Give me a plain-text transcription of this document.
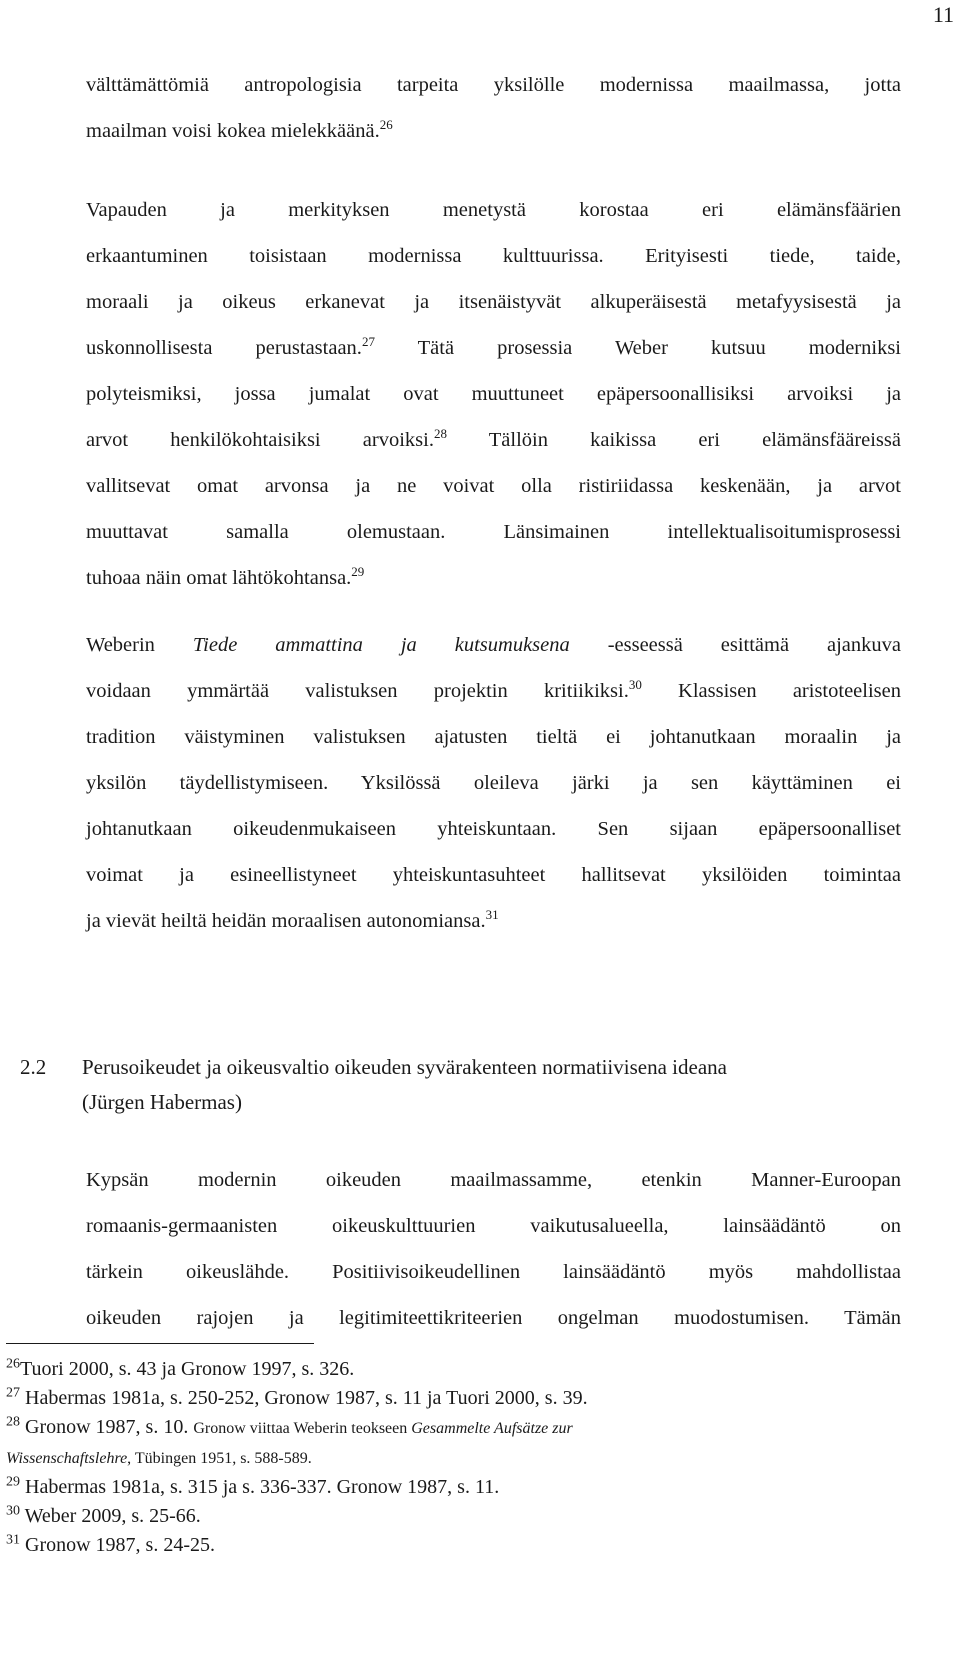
11
välttämättömiä antropologisia tarpeita yksilölle modernissa maailmassa, jotta
maailman voisi kokea mielekkäänä.$^{26}$
Vapauden ja merkityksen menetystä korostaa eri elämänsfäärien
erkaantuminen toisistaan modernissa kulttuurissa. Erityisesti tiede, taide,
moraali ja oikeus erkanevat ja itsenäistyvät alkuperäisestä metafyysisestä ja
uskonnollisesta perustastaan.$^{27}$ Tätä prosessia Weber kutsuu moderniksi
polyteismiksi, jossa jumalat ovat muuttuneet epäpersoonallisiksi arvoiksi ja
arvot henkilökohtaisiksi arvoiksi.$^{28}$ Tällöin kaikissa eri elämänsfääreissä
vallitsevat omat arvonsa ja ne voivat olla ristiriidassa keskenään, ja arvot
muuttavat samalla olemustaan. Länsimainen intellektualisoitumisprosessi
tuhoaa näin omat lähtökohtansa.$^{29}$
Weberin Tiede ammattina ja kutsumuksena -esseessä esittämä ajankuva
voidaan ymmärtää valistuksen projektin kritiikiksi.$^{30}$ Klassisen aristoteelisen
tradition väistyminen valistuksen ajatusten tieltä ei johtanutkaan moraalin ja
yksilön täydellistymiseen. Yksilössä oleileva järki ja sen käyttäminen ei
johtanutkaan oikeudenmukaiseen yhteiskuntaan. Sen sijaan epäpersoonalliset
voimat ja esineellistyneet yhteiskuntasuhteet hallitsevat yksilöiden toimintaa
ja vievät heiltä heidän moraalisen autonomiansa.$^{31}$
2.2 Perusoikeudet ja oikeusvaltio oikeuden syvärakenteen normatiivisena ideana
(Jürgen Habermas)
Kypsän modernin oikeuden maailmassamme, etenkin Manner-Euroopan
romaanis-germaanisten oikeuskulttuurien vaikutusalueella, lainsäädäntö on
tärkein oikeuslähde. Positiivisoikeudellinen lainsäädäntö myös mahdollistaa
oikeuden rajojen ja legitimiteettikriteerien ongelman muodostumisen. Tämän
$^{26}$Tuori 2000, s. 43 ja Gronow 1997, s. 326.
$^{27}$ Habermas 1981a, s. 250-252, Gronow 1987, s. 11 ja Tuori 2000, s. 39.
$^{28}$ Gronow 1987, s. 10. Gronow viittaa Weberin teokseen Gesammelte Aufsätze zur
Wissenschaftslehre, Tübingen 1951, s. 588-589.
$^{29}$ Habermas 1981a, s. 315 ja s. 336-337. Gronow 1987, s. 11.
$^{30}$ Weber 2009, s. 25-66.
$^{31}$ Gronow 1987, s. 24-25.
